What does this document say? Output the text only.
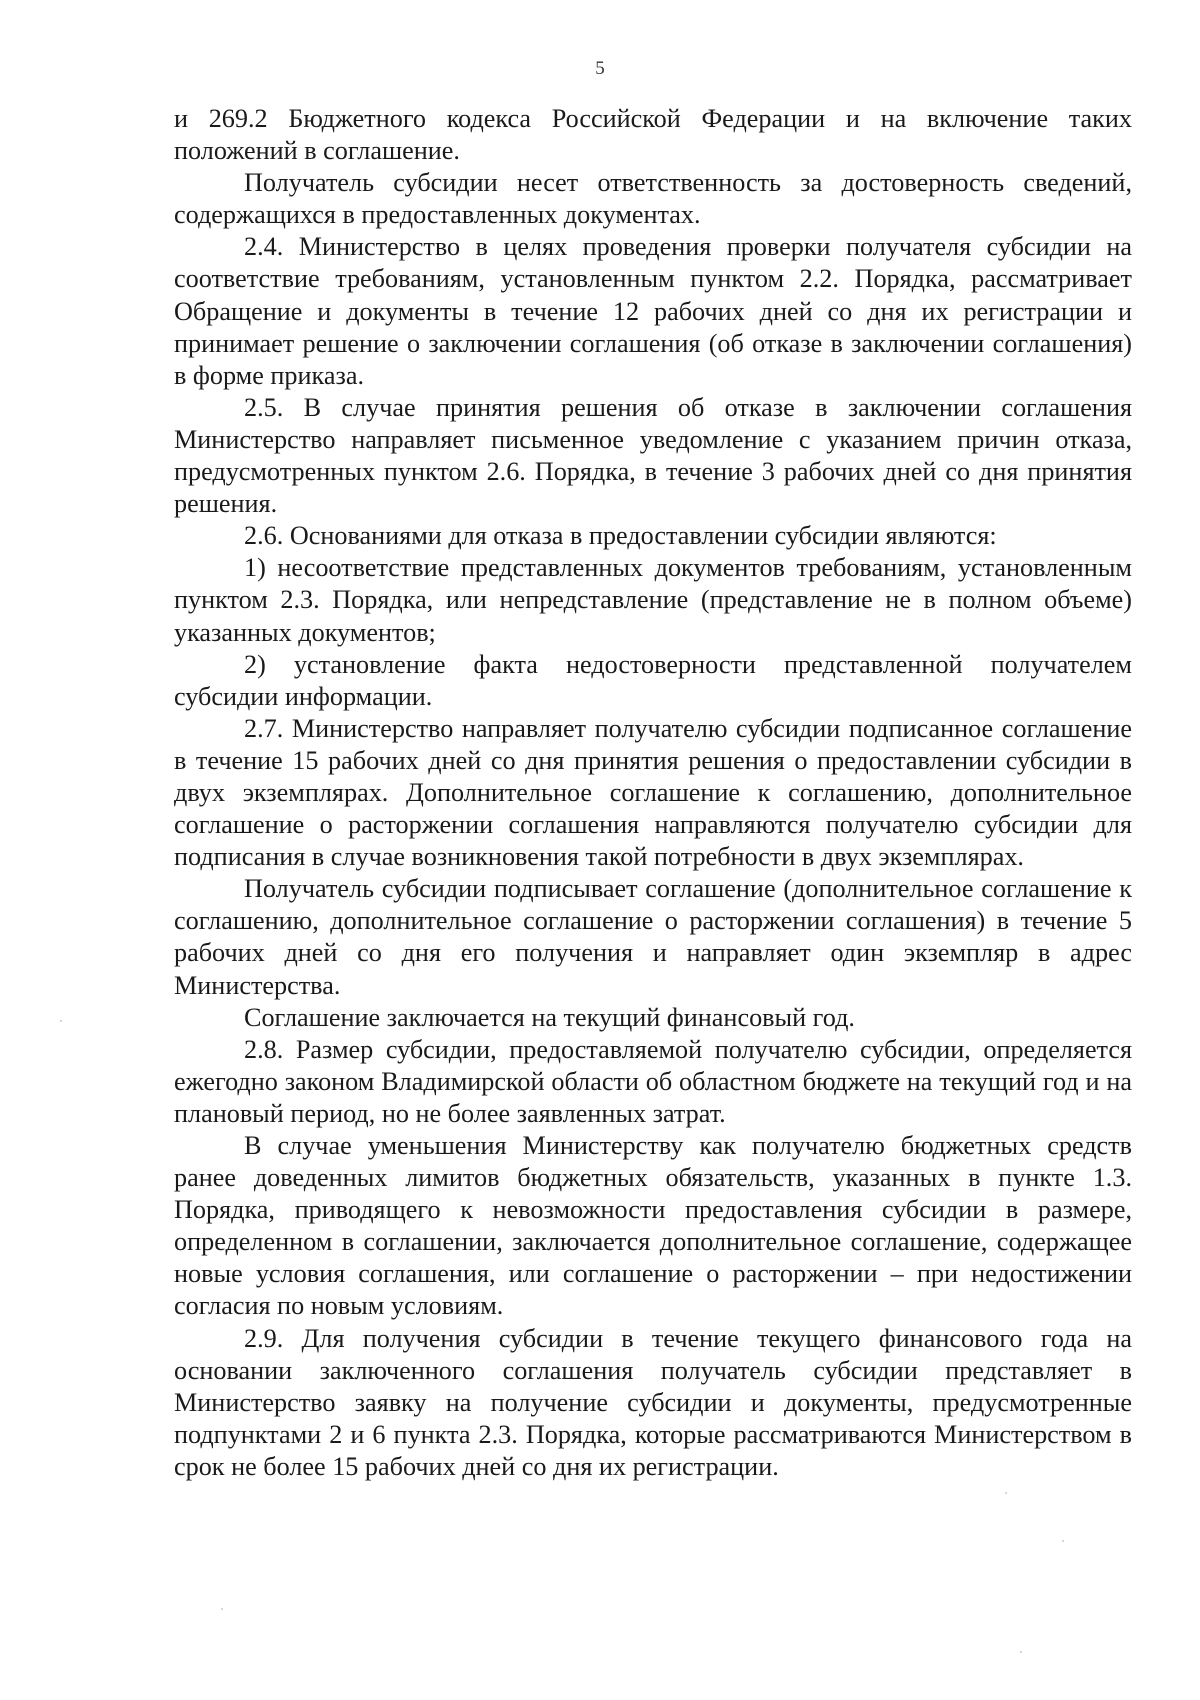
5

и 269.2 Бюджетного кодекса Российской Федерации и на включение таких положений в соглашение.

Получатель субсидии несет ответственность за достоверность сведений, содержащихся в предоставленных документах.

2.4. Министерство в целях проведения проверки получателя субсидии на соответствие требованиям, установленным пунктом 2.2. Порядка, рассматривает Обращение и документы в течение 12 рабочих дней со дня их регистрации и принимает решение о заключении соглашения (об отказе в заключении соглашения) в форме приказа.

2.5. В случае принятия решения об отказе в заключении соглашения Министерство направляет письменное уведомление с указанием причин отказа, предусмотренных пунктом 2.6. Порядка, в течение 3 рабочих дней со дня принятия решения.

2.6. Основаниями для отказа в предоставлении субсидии являются:

1) несоответствие представленных документов требованиям, установленным пунктом 2.3. Порядка, или непредставление (представление не в полном объеме) указанных документов;

2) установление факта недостоверности представленной получателем субсидии информации.

2.7. Министерство направляет получателю субсидии подписанное соглашение в течение 15 рабочих дней со дня принятия решения о предоставлении субсидии в двух экземплярах. Дополнительное соглашение к соглашению, дополнительное соглашение о расторжении соглашения направляются получателю субсидии для подписания в случае возникновения такой потребности в двух экземплярах.

Получатель субсидии подписывает соглашение (дополнительное соглашение к соглашению, дополнительное соглашение о расторжении соглашения) в течение 5 рабочих дней со дня его получения и направляет один экземпляр в адрес Министерства.

Соглашение заключается на текущий финансовый год.

2.8. Размер субсидии, предоставляемой получателю субсидии, определяется ежегодно законом Владимирской области об областном бюджете на текущий год и на плановый период, но не более заявленных затрат.

В случае уменьшения Министерству как получателю бюджетных средств ранее доведенных лимитов бюджетных обязательств, указанных в пункте 1.3. Порядка, приводящего к невозможности предоставления субсидии в размере, определенном в соглашении, заключается дополнительное соглашение, содержащее новые условия соглашения, или соглашение о расторжении – при недостижении согласия по новым условиям.

2.9. Для получения субсидии в течение текущего финансового года на основании заключенного соглашения получатель субсидии представляет в Министерство заявку на получение субсидии и документы, предусмотренные подпунктами 2 и 6 пункта 2.3. Порядка, которые рассматриваются Министерством в срок не более 15 рабочих дней со дня их регистрации.
